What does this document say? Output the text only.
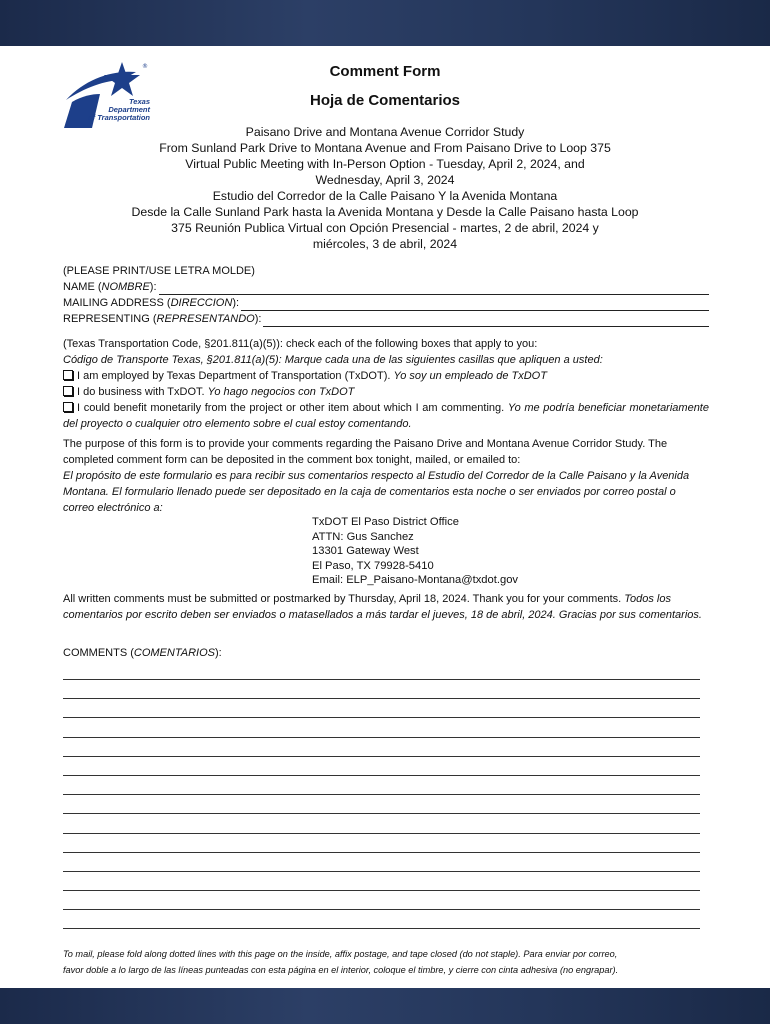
®
Texas
Department
of Transportation
Comment Form
Hoja de Comentarios
Paisano Drive and Montana Avenue Corridor Study
From Sunland Park Drive to Montana Avenue and From Paisano Drive to Loop 375
Virtual Public Meeting with In-Person Option - Tuesday, April 2, 2024, and
Wednesday, April 3, 2024
Estudio del Corredor de la Calle Paisano Y la Avenida Montana
Desde la Calle Sunland Park hasta la Avenida Montana y Desde la Calle Paisano hasta Loop
375 Reunión Publica Virtual con Opción Presencial - martes, 2 de abril, 2024 y
miércoles, 3 de abril, 2024
(PLEASE PRINT/USE LETRA MOLDE)
NAME ( NOMBRE ):
MAILING ADDRESS ( DIRECCION ):
REPRESENTING ( REPRESENTANDO ):
(Texas Transportation Code, §201.811(a)(5)): check each of the following boxes that apply to you:
Código de Transporte Texas, §201.811(a)(5): Marque cada una de las siguientes casillas que apliquen a usted:
I am employed by Texas Department of Transportation (TxDOT). Yo soy un empleado de TxDOT
I do business with TxDOT. Yo hago negocios con TxDOT
I could benefit monetarily from the project or other item about which I am commenting. Yo me podría beneficiar monetariamente del proyecto o cualquier otro elemento sobre el cual estoy comentando.

The purpose of this form is to provide your comments regarding the Paisano Drive and Montana Avenue Corridor Study. The completed comment form can be deposited in the comment box tonight, mailed, or emailed to:

El propósito de este formulario es para recibir sus comentarios respecto al Estudio del Corredor de la Calle Paisano y la Avenida Montana. El formulario llenado puede ser depositado en la caja de comentarios esta noche o ser enviados por correo postal o correo electrónico a:

TxDOT El Paso District Office
ATTN: Gus Sanchez
13301 Gateway West
El Paso, TX 79928-5410
Email: ELP_Paisano-Montana@txdot.gov
All written comments must be submitted or postmarked by Thursday, April 18, 2024. Thank you for your comments. Todos los comentarios por escrito deben ser enviados o matasellados a más tardar el jueves, 18 de abril, 2024. Gracias por sus comentarios.
COMMENTS (COMENTARIOS):
To mail, please fold along dotted lines with this page on the inside, affix postage, and tape closed (do not staple). Para enviar por correo,
favor doble a lo largo de las líneas punteadas con esta página en el interior, coloque el timbre, y cierre con cinta adhesiva (no engrapar).
